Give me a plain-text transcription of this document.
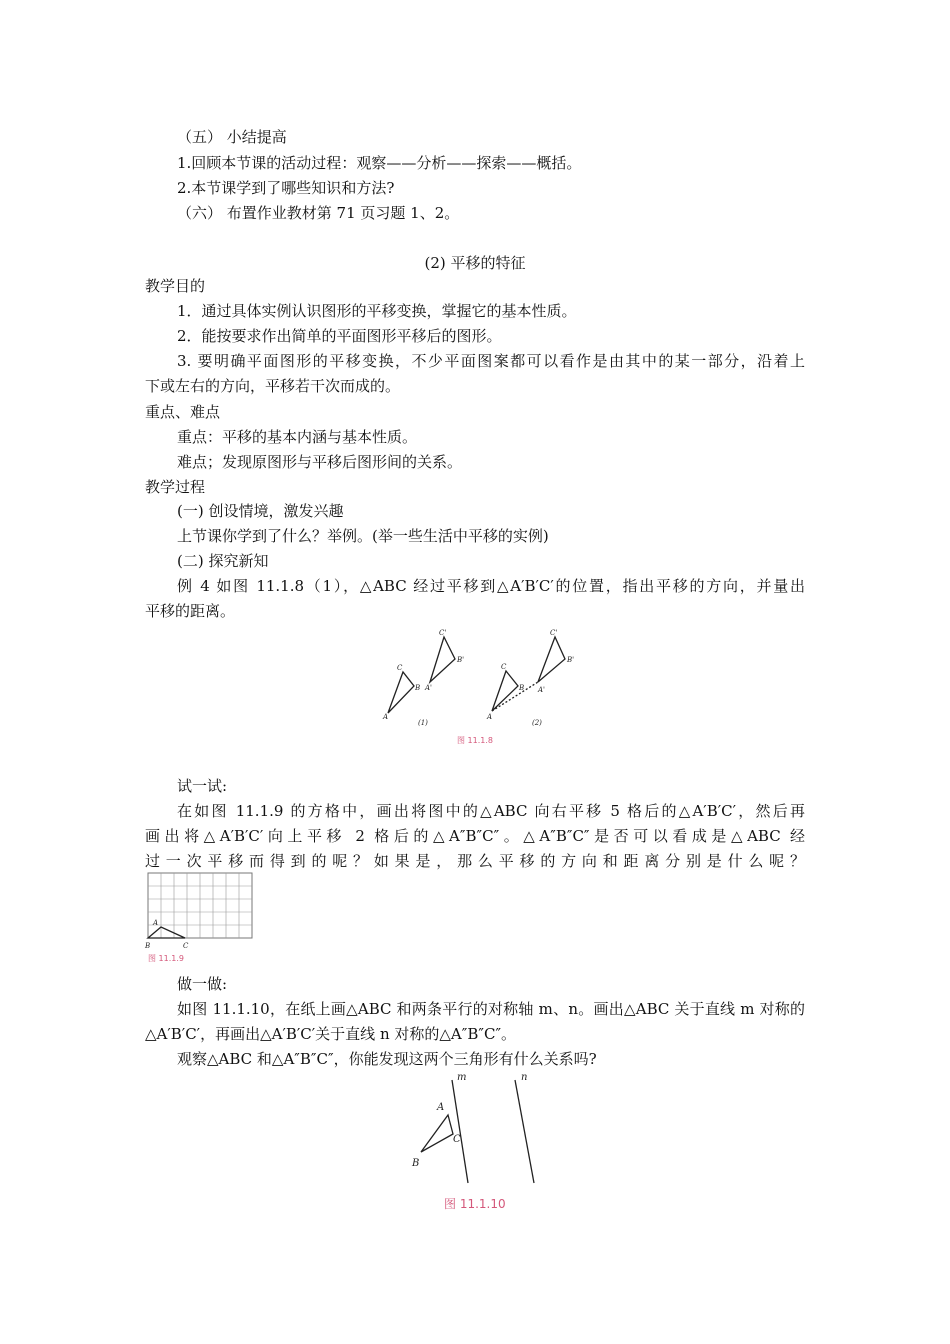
（五） 小结提高
1.回顾本节课的活动过程：观察——分析——探索——概括。
2.本节课学到了哪些知识和方法?
（六） 布置作业教材第 71 页习题 1、2。
(2) 平移的特征
教学目的
1．通过具体实例认识图形的平移变换，掌握它的基本性质。
2．能按要求作出简单的平面图形平移后的图形。
3. 要明确平面图形的平移变换，不少平面图案都可以看作是由其中的某一部分，沿着上
下或左右的方向，平移若干次而成的。
重点、难点
重点：平移的基本内涵与基本性质。
难点；发现原图形与平移后图形间的关系。
教学过程
(一) 创设情境，激发兴趣
上节课你学到了什么？举例。(举一些生活中平移的实例)
(二) 探究新知
例 4 如图 11.1.8（1），△ABC 经过平移到△A′B′C′的位置，指出平移的方向，并量出
平移的距离。
A
C
B A'
C'
B'
A
C
B A'
C'
B'
(1)	(2)
图 11.1.8
试一试:
在如图 11.1.9 的方格中，画出将图中的△ABC 向右平移 5 格后的△A′B′C′，然后再
画出将△A′B′C′向上平移 2 格后的△A″B″C″。△A″B″C″是否可以看成是△ABC 经
过一次平移而得到的呢？如果是，那么平移的方向和距离分别是什么呢？
A
B	C
图 11.1.9
做一做:
如图 11.1.10，在纸上画△ABC 和两条平行的对称轴 m、n。画出△ABC 关于直线 m 对称的
△A′B′C′，再画出△A′B′C′关于直线 n 对称的△A″B″C″。
观察△ABC 和△A″B″C″，你能发现这两个三角形有什么关系吗?
m	n
A
B
C
图 11.1.10
